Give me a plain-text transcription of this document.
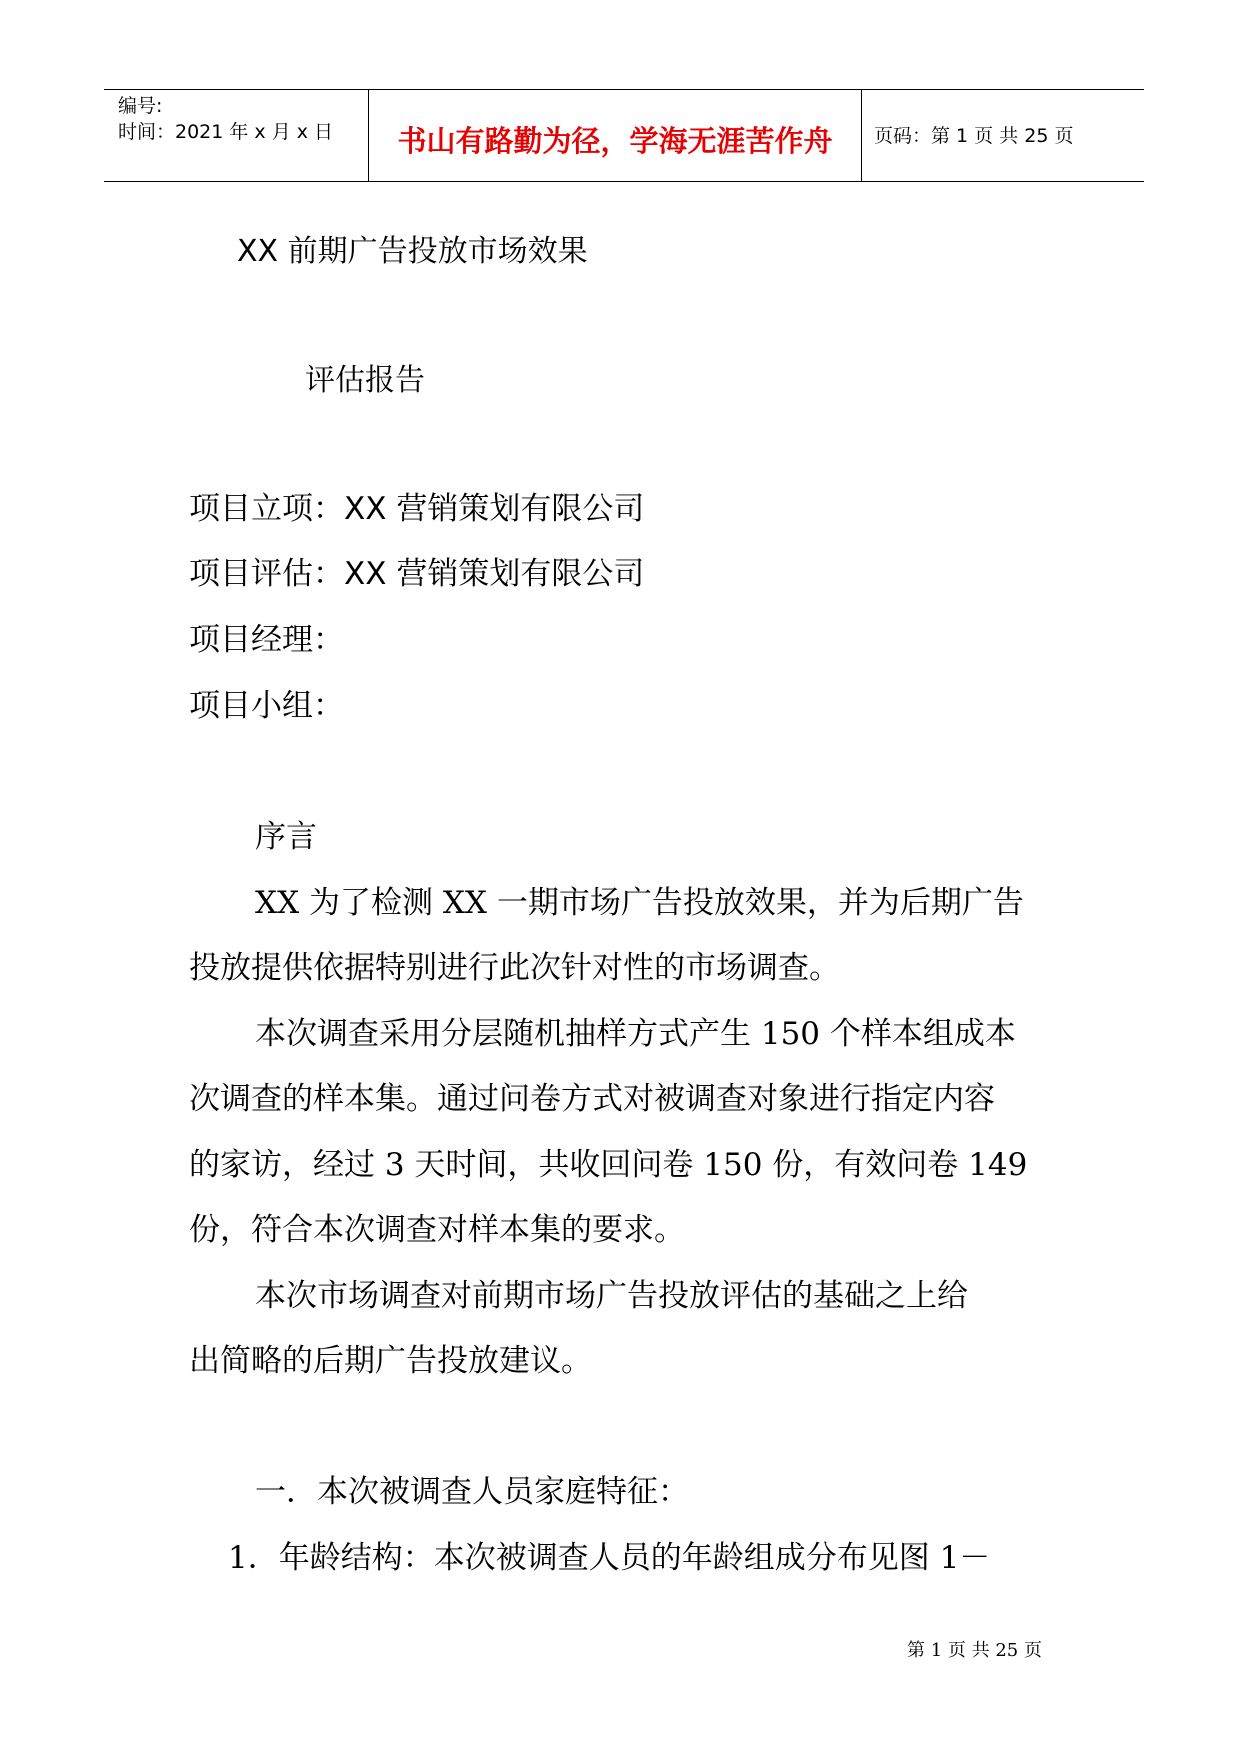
编号:
时间：2021 年 x 月 x 日	书山有路勤为径，学海无涯苦作舟	页码：第 1 页 共 25 页
XX 前期广告投放市场效果
评估报告
项目立项：XX 营销策划有限公司
项目评估：XX 营销策划有限公司
项目经理：
项目小组：
序言
XX 为了检测 XX 一期市场广告投放效果，并为后期广告
投放提供依据特别进行此次针对性的市场调查。
本次调查采用分层随机抽样方式产生 150 个样本组成本
次调查的样本集。通过问卷方式对被调查对象进行指定内容
的家访，经过 3 天时间，共收回问卷 150 份，有效问卷 149
份，符合本次调查对样本集的要求。
本次市场调查对前期市场广告投放评估的基础之上给
出简略的后期广告投放建议。
一．本次被调查人员家庭特征：
1．年龄结构：本次被调查人员的年龄组成分布见图 1－
第 1 页 共 25 页
